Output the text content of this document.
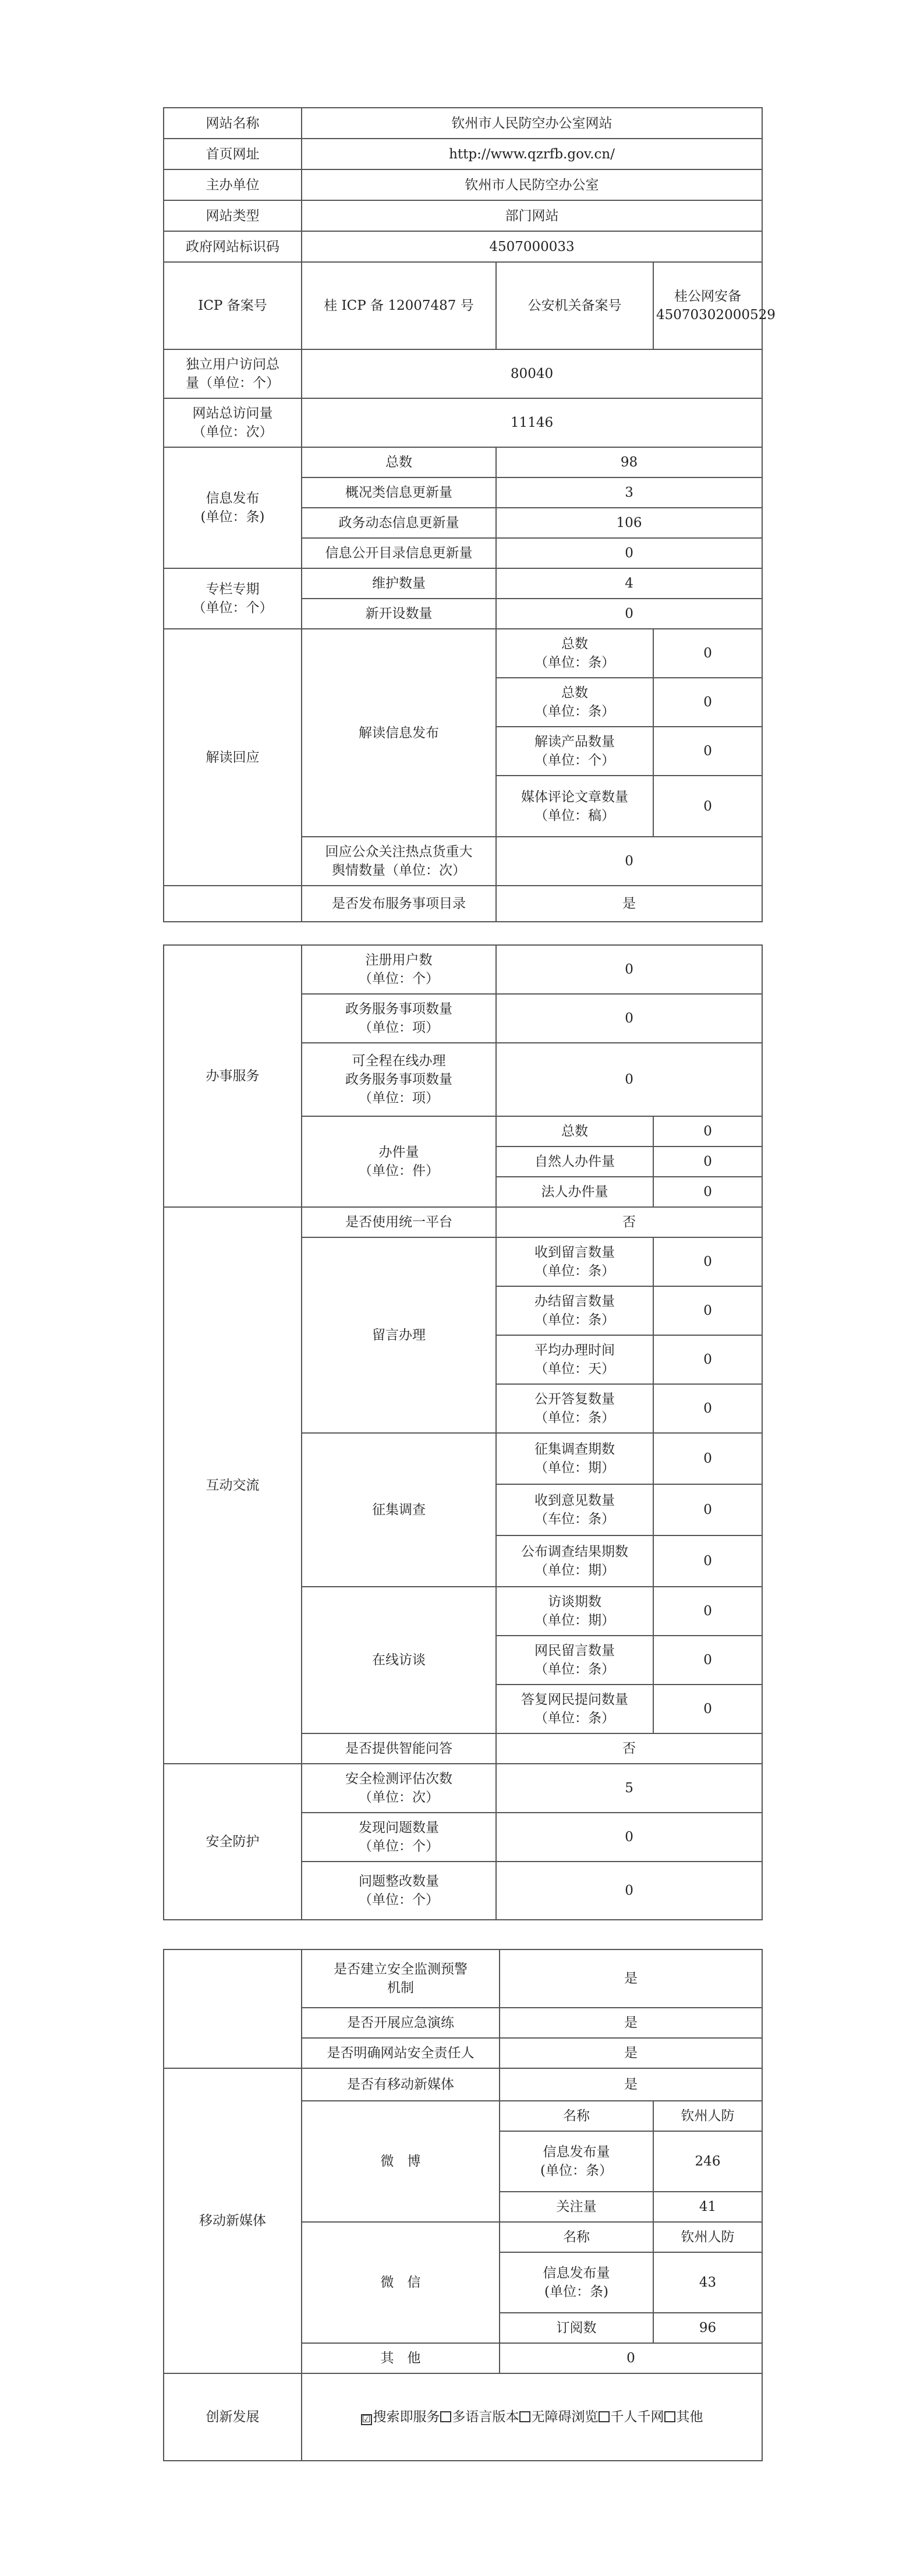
网站名称	钦州市人民防空办公室网站		
首页网址	http://www.qzrfb.gov.cn/		
主办单位	钦州市人民防空办公室		
网站类型	部门网站		
政府网站标识码	4507000033		
ICP 备案号	桂 ICP 备 12007487 号	公安机关备案号	桂公网安备
45070302000529
独立用户访问总
量（单位：个）	80040		
网站总访问量
（单位：次）	11146		
信息发布
(单位：条)	总数	98	
	概况类信息更新量	3	
	政务动态信息更新量	106	
	信息公开目录信息更新量	0	
专栏专期
（单位：个）	维护数量	4	
	新开设数量	0	
解读回应	解读信息发布	总数
（单位：条）	0
		总数
（单位：条）	0
		解读产品数量
（单位：个）	0
		媒体评论文章数量
（单位：稿）	0
	回应公众关注热点货重大
舆情数量（单位：次）	0	
	是否发布服务事项目录	是	
办事服务	注册用户数
（单位：个）	0	
	政务服务事项数量
（单位：项）	0	
	可全程在线办理
政务服务事项数量
（单位：项）	0	
	办件量
（单位：件）	总数	0
		自然人办件量	0
		法人办件量	0
互动交流	是否使用统一平台	否	
	留言办理	收到留言数量
（单位：条）	0
		办结留言数量
（单位：条）	0
		平均办理时间
（单位：天）	0
		公开答复数量
（单位：条）	0
	征集调查	征集调查期数
（单位：期）	0
		收到意见数量
（车位：条）	0
		公布调查结果期数
（单位：期）	0
	在线访谈	访谈期数
（单位：期）	0
		网民留言数量
（单位：条）	0
		答复网民提问数量
（单位：条）	0
	是否提供智能问答	否	
安全防护	安全检测评估次数
（单位：次）	5	
	发现问题数量
（单位：个）	0	
	问题整改数量
（单位：个）	0	
	是否建立安全监测预警
机制	是	
	是否开展应急演练	是	
	是否明确网站安全责任人	是	
移动新媒体	是否有移动新媒体	是	
	微　博	名称	钦州人防
		信息发布量
(单位：条）	246
		关注量	41
	微　信	名称	钦州人防
		信息发布量
(单位：条)	43
		订阅数	96
	其　他	0	
创新发展	☑ 搜索即服务 多语言版本 无障碍浏览 千人千网 其他		
